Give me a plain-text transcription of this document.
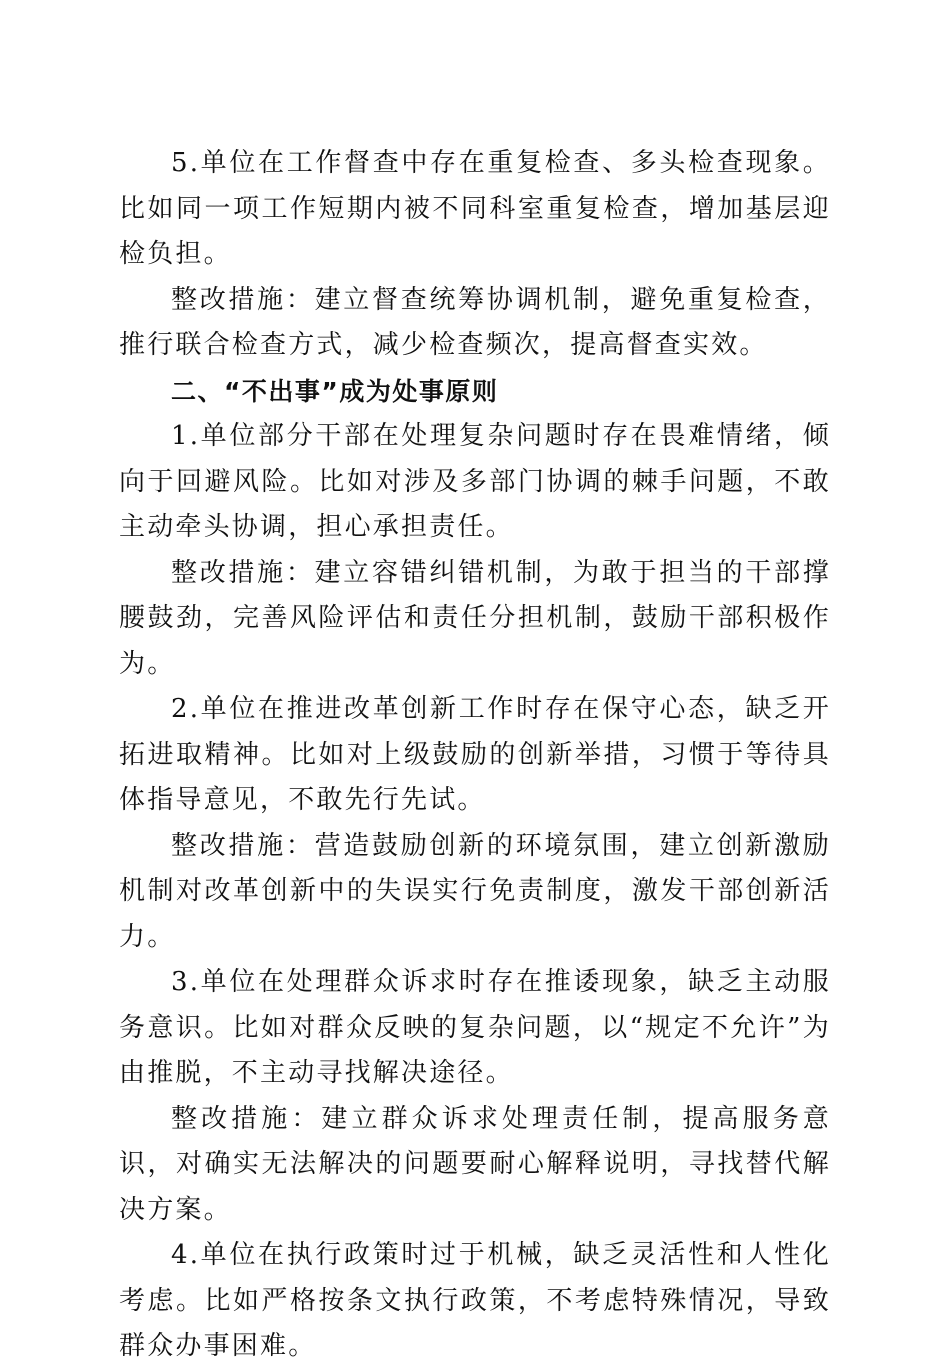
5.单位在工作督查中存在重复检查、多头检查现象。比如同一项工作短期内被不同科室重复检查，增加基层迎检负担。

整改措施：建立督查统筹协调机制，避免重复检查，推行联合检查方式，减少检查频次，提高督查实效。

二、“不出事”成为处事原则

1.单位部分干部在处理复杂问题时存在畏难情绪，倾向于回避风险。比如对涉及多部门协调的棘手问题，不敢主动牵头协调，担心承担责任。

整改措施：建立容错纠错机制，为敢于担当的干部撑腰鼓劲，完善风险评估和责任分担机制，鼓励干部积极作为。

2.单位在推进改革创新工作时存在保守心态，缺乏开拓进取精神。比如对上级鼓励的创新举措，习惯于等待具体指导意见，不敢先行先试。

整改措施：营造鼓励创新的环境氛围，建立创新激励机制对改革创新中的失误实行免责制度，激发干部创新活力。

3.单位在处理群众诉求时存在推诿现象，缺乏主动服务意识。比如对群众反映的复杂问题，以“规定不允许”为由推脱，不主动寻找解决途径。

整改措施：建立群众诉求处理责任制，提高服务意识，对确实无法解决的问题要耐心解释说明，寻找替代解决方案。

4.单位在执行政策时过于机械，缺乏灵活性和人性化考虑。比如严格按条文执行政策，不考虑特殊情况，导致群众办事困难。
